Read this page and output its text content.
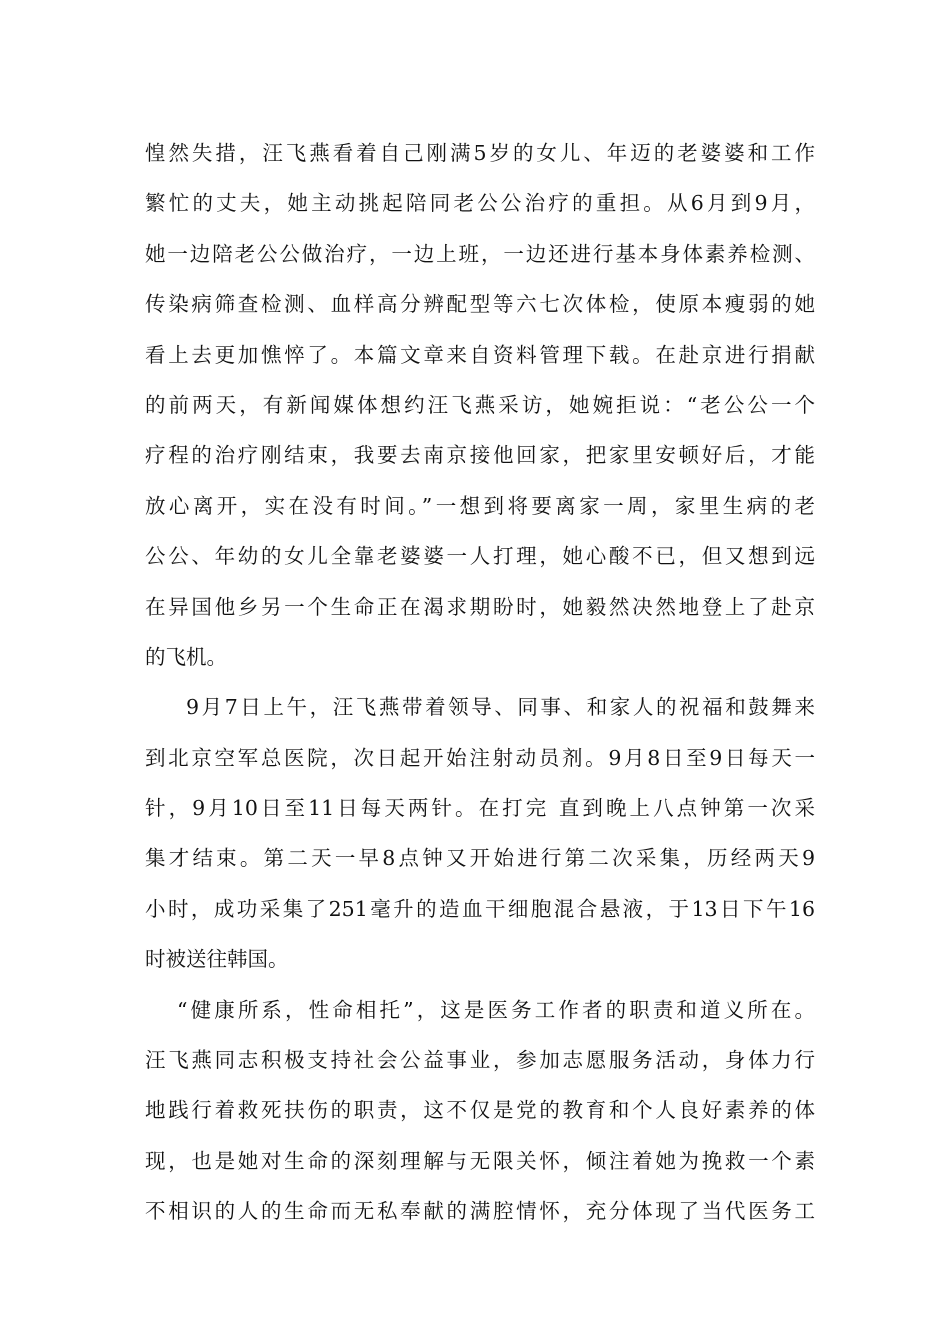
惶然失措，汪飞燕看着自己刚满5岁的女儿、年迈的老婆婆和工作
繁忙的丈夫，她主动挑起陪同老公公治疗的重担。从6月到9月，
她一边陪老公公做治疗，一边上班，一边还进行基本身体素养检测、
传染病筛查检测、血样高分辨配型等六七次体检，使原本瘦弱的她
看上去更加憔悴了。本篇文章来自资料管理下载。在赴京进行捐献
的前两天，有新闻媒体想约汪飞燕采访，她婉拒说：“老公公一个
疗程的治疗刚结束，我要去南京接他回家，把家里安顿好后，才能
放心离开，实在没有时间。”一想到将要离家一周，家里生病的老
公公、年幼的女儿全靠老婆婆一人打理，她心酸不已，但又想到远
在异国他乡另一个生命正在渴求期盼时，她毅然决然地登上了赴京
的飞机。
9月7日上午，汪飞燕带着领导、同事、和家人的祝福和鼓舞来
到北京空军总医院，次日起开始注射动员剂。9月8日至9日每天一
针，9月10日至11日每天两针。在打完 直到晚上八点钟第一次采
集才结束。第二天一早8点钟又开始进行第二次采集，历经两天9
小时，成功采集了251毫升的造血干细胞混合悬液，于13日下午16
时被送往韩国。
“健康所系，性命相托”，这是医务工作者的职责和道义所在。
汪飞燕同志积极支持社会公益事业，参加志愿服务活动，身体力行
地践行着救死扶伤的职责，这不仅是党的教育和个人良好素养的体
现，也是她对生命的深刻理解与无限关怀，倾注着她为挽救一个素
不相识的人的生命而无私奉献的满腔情怀，充分体现了当代医务工
